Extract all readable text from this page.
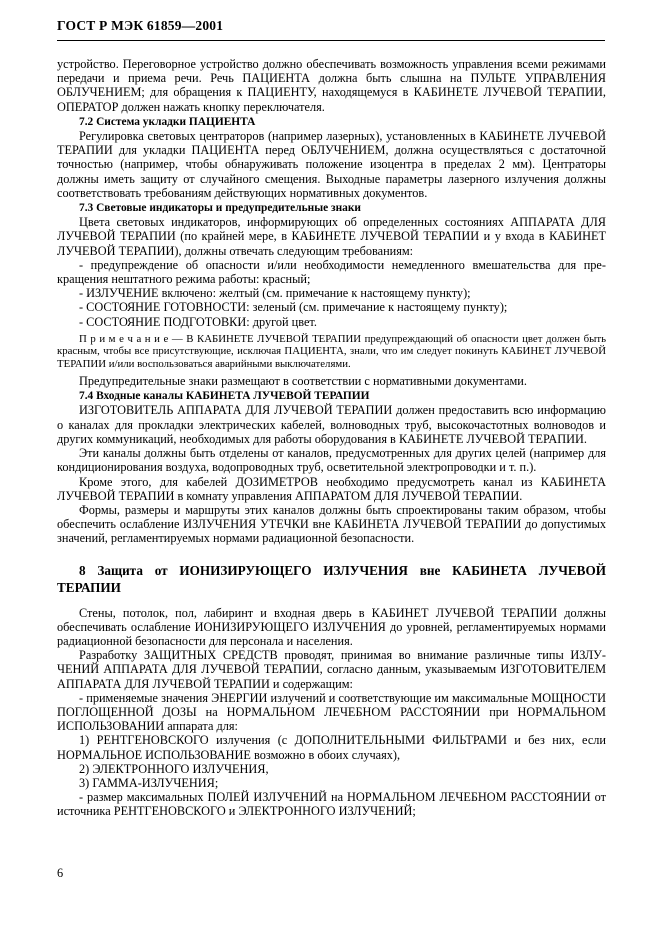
ГОСТ Р МЭК 61859—2001

устройство. Переговорное устройство должно обеспечивать возможность управления всеми режимами передачи и приема речи. Речь ПАЦИЕНТА должна быть слышна на ПУЛЬТЕ УПРАВЛЕНИЯ ОБЛУЧЕНИЕМ; для обращения к ПАЦИЕНТУ, находящемуся в КАБИНЕТЕ ЛУЧЕВОЙ ТЕРАПИИ, ОПЕРАТОР должен нажать кнопку переключателя.

7.2 Система укладки ПАЦИЕНТА

Регулировка световых центраторов (например лазерных), установленных в КАБИНЕТЕ ЛУЧЕВОЙ ТЕРАПИИ для укладки ПАЦИЕНТА перед ОБЛУЧЕНИЕМ, должна осуществляться с достаточной точностью (например, чтобы обнаруживать положение изоцентра в пределах 2 мм). Центраторы должны иметь защиту от случайного смещения. Выходные параметры лазерного излучения должны соответствовать требованиям действующих нормативных документов.

7.3 Световые индикаторы и предупредительные знаки

Цвета световых индикаторов, информирующих об определенных состояниях АППАРАТА ДЛЯ ЛУЧЕВОЙ ТЕРАПИИ (по крайней мере, в КАБИНЕТЕ ЛУЧЕВОЙ ТЕРАПИИ и у входа в КАБИНЕТ ЛУЧЕВОЙ ТЕРАПИИ), должны отвечать следующим требованиям:

- предупреждение об опасности и/или необходимости немедленного вмешательства для прекращения нештатного режима работы: красный;

- ИЗЛУЧЕНИЕ включено: желтый (см. примечание к настоящему пункту);

- СОСТОЯНИЕ ГОТОВНОСТИ: зеленый (см. примечание к настоящему пункту);

- СОСТОЯНИЕ ПОДГОТОВКИ: другой цвет.

П р и м е ч а н и е — В КАБИНЕТЕ ЛУЧЕВОЙ ТЕРАПИИ предупреждающий об опасности цвет должен быть красным, чтобы все присутствующие, исключая ПАЦИЕНТА, знали, что им следует покинуть КАБИНЕТ ЛУЧЕВОЙ ТЕРАПИИ и/или воспользоваться аварийными выключателями.

Предупредительные знаки размещают в соответствии с нормативными документами.

7.4 Входные каналы КАБИНЕТА ЛУЧЕВОЙ ТЕРАПИИ

ИЗГОТОВИТЕЛЬ АППАРАТА ДЛЯ ЛУЧЕВОЙ ТЕРАПИИ должен предоставить всю информацию о каналах для прокладки электрических кабелей, волноводных труб, высокочастотных волноводов и других коммуникаций, необходимых для работы оборудования в КАБИНЕТЕ ЛУЧЕВОЙ ТЕРАПИИ.

Эти каналы должны быть отделены от каналов, предусмотренных для других целей (например для кондиционирования воздуха, водопроводных труб, осветительной электропроводки и т. п.).

Кроме этого, для кабелей ДОЗИМЕТРОВ необходимо предусмотреть канал из КАБИНЕТА ЛУЧЕВОЙ ТЕРАПИИ в комнату управления АППАРАТОМ ДЛЯ ЛУЧЕВОЙ ТЕРАПИИ.

Формы, размеры и маршруты этих каналов должны быть спроектированы таким образом, чтобы обеспечить ослабление ИЗЛУЧЕНИЯ УТЕЧКИ вне КАБИНЕТА ЛУЧЕВОЙ ТЕРАПИИ до допустимых значений, регламентируемых нормами радиационной безопасности.

8 Защита от ИОНИЗИРУЮЩЕГО ИЗЛУЧЕНИЯ вне КАБИНЕТА ЛУЧЕВОЙ ТЕРАПИИ

Стены, потолок, пол, лабиринт и входная дверь в КАБИНЕТ ЛУЧЕВОЙ ТЕРАПИИ должны обеспечивать ослабление ИОНИЗИРУЮЩЕГО ИЗЛУЧЕНИЯ до уровней, регламентируемых нормами радиационной безопасности для персонала и населения.

Разработку ЗАЩИТНЫХ СРЕДСТВ проводят, принимая во внимание различные типы ИЗЛУЧЕНИЙ АППАРАТА ДЛЯ ЛУЧЕВОЙ ТЕРАПИИ, согласно данным, указываемым ИЗГОТОВИТЕЛЕМ АППАРАТА ДЛЯ ЛУЧЕВОЙ ТЕРАПИИ и содержащим:

- применяемые значения ЭНЕРГИИ излучений и соответствующие им максимальные МОЩНОСТИ ПОГЛОЩЕННОЙ ДОЗЫ на НОРМАЛЬНОМ ЛЕЧЕБНОМ РАССТОЯНИИ при НОРМАЛЬНОМ ИСПОЛЬЗОВАНИИ аппарата для:

1) РЕНТГЕНОВСКОГО излучения (с ДОПОЛНИТЕЛЬНЫМИ ФИЛЬТРАМИ и без них, если НОРМАЛЬНОЕ ИСПОЛЬЗОВАНИЕ возможно в обоих случаях),

2) ЭЛЕКТРОННОГО ИЗЛУЧЕНИЯ,

3) ГАММА-ИЗЛУЧЕНИЯ;

- размер максимальных ПОЛЕЙ ИЗЛУЧЕНИЙ на НОРМАЛЬНОМ ЛЕЧЕБНОМ РАССТОЯНИИ от источника РЕНТГЕНОВСКОГО и ЭЛЕКТРОННОГО ИЗЛУЧЕНИЙ;

6
